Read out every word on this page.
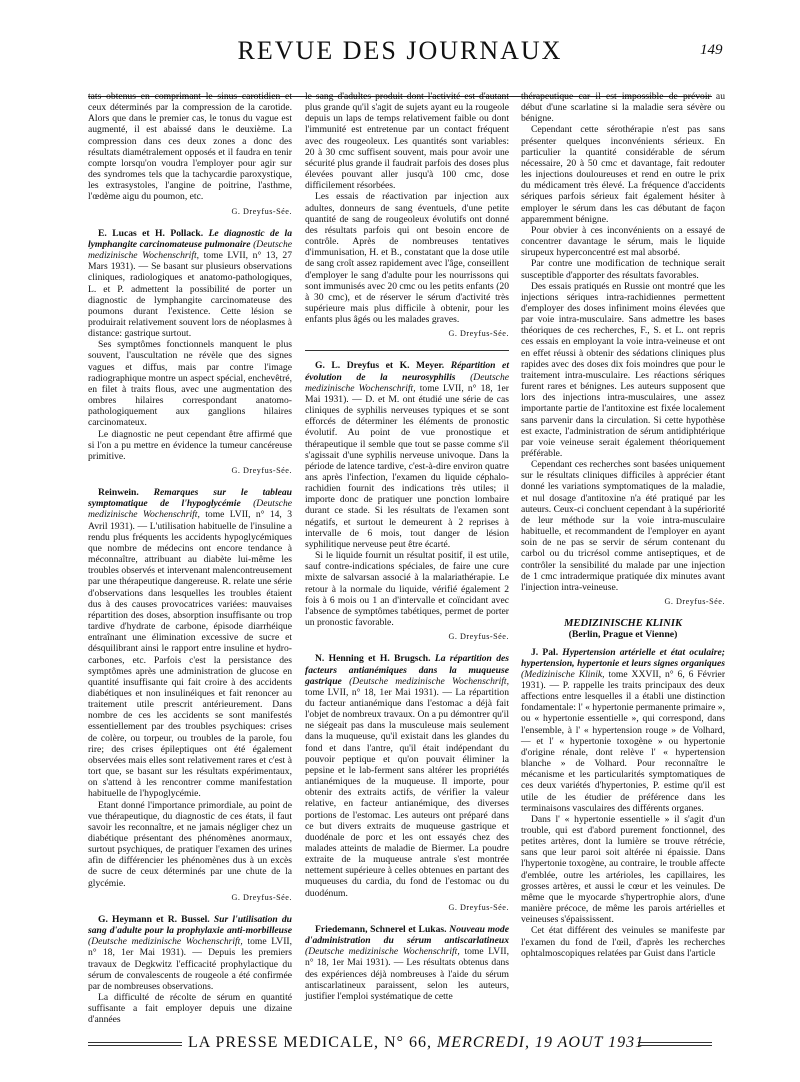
REVUE DES JOURNAUX	149

tats obtenus en comprimant le sinus carotidien et ceux déterminés par la compression de la carotide. Alors que dans le premier cas, le tonus du vague est augmenté, il est abaissé dans le deuxième. La compression dans ces deux zones a donc des résultats diamétralement opposés et il faudra en tenir compte lorsqu'on voudra l'employer pour agir sur des syndromes tels que la tachycardie paroxystique, les extrasystoles, l'angine de poitrine, l'asthme, l'œdème aigu du poumon, etc.

G. Dreyfus-Sée.

E. Lucas et H. Pollack. Le diagnostic de la lymphangite carcinomateuse pulmonaire (Deutsche medizinische Wochenschrift, tome LVII, n° 13, 27 Mars 1931). — Se basant sur plusieurs observations cliniques, radiologiques et anatomo-pathologiques, L. et P. admettent la possibilité de porter un diagnostic de lymphangite carcinomateuse des poumons durant l'existence. Cette lésion se produirait relativement souvent lors de néoplasmes à distance: gastrique surtout.

Ses symptômes fonctionnels manquent le plus souvent, l'auscultation ne révèle que des signes vagues et diffus, mais par contre l'image radiographique montre un aspect spécial, enchevêtré, en filet à traits flous, avec une augmentation des ombres hilaires correspondant anatomo-pathologiquement aux ganglions hilaires carcinomateux.

Le diagnostic ne peut cependant être affirmé que si l'on a pu mettre en évidence la tumeur cancéreuse primitive.

G. Dreyfus-Sée.

Reinwein. Remarques sur le tableau symptomatique de l'hypoglycémie (Deutsche medizinische Wochenschrift, tome LVII, n° 14, 3 Avril 1931). — L'utilisation habituelle de l'insuline a rendu plus fréquents les accidents hypoglycémiques que nombre de médecins ont encore tendance à méconnaître, attribuant au diabète lui-même les troubles observés et intervenant malencontreusement par une thérapeutique dangereuse. R. relate une série d'observations dans lesquelles les troubles étaient dus à des causes provocatrices variées: mauvaises répartition des doses, absorption insuffisante ou trop tardive d'hydrate de carbone, épisode diarrhéique entraînant une élimination excessive de sucre et désquilibrant ainsi le rapport entre insuline et hydro-carbones, etc. Parfois c'est la persistance des symptômes après une administration de glucose en quantité insuffisante qui fait croire à des accidents diabétiques et non insulinéiques et fait renoncer au traitement utile prescrit antérieurement. Dans nombre de ces les accidents se sont manifestés essentiellement par des troubles psychiques: crises de colère, ou torpeur, ou troubles de la parole, fou rire; des crises épileptiques ont été également observées mais elles sont relativement rares et c'est à tort que, se basant sur les résultats expérimentaux, on s'attend à les rencontrer comme manifestation habituelle de l'hypoglycémie.

Etant donné l'importance primordiale, au point de vue thérapeutique, du diagnostic de ces états, il faut savoir les reconnaître, et ne jamais négliger chez un diabétique présentant des phénomènes anormaux, surtout psychiques, de pratiquer l'examen des urines afin de différencier les phénomènes dus à un excès de sucre de ceux déterminés par une chute de la glycémie.

G. Dreyfus-Sée.

G. Heymann et R. Bussel. Sur l'utilisation du sang d'adulte pour la prophylaxie anti-morbilleuse (Deutsche medizinische Wochenschrift, tome LVII, n° 18, 1er Mai 1931). — Depuis les premiers travaux de Degkwitz l'efficacité prophylactique du sérum de convalescents de rougeole a été confirmée par de nombreuses observations.

La difficulté de récolte de sérum en quantité suffisante a fait employer depuis une dizaine d'années

le sang d'adultes produit dont l'activité est d'autant plus grande qu'il s'agit de sujets ayant eu la rougeole depuis un laps de temps relativement faible ou dont l'immunité est entretenue par un contact fréquent avec des rougeoleux. Les quantités sont variables: 20 à 30 cmc suffisent souvent, mais pour avoir une sécurité plus grande il faudrait parfois des doses plus élevées pouvant aller jusqu'à 100 cmc, dose difficilement résorbées.

Les essais de réactivation par injection aux adultes, donneurs de sang éventuels, d'une petite quantité de sang de rougeoleux évolutifs ont donné des résultats parfois qui ont besoin encore de contrôle. Après de nombreuses tentatives d'immunisation, H. et B., constatant que la dose utile de sang croît assez rapidement avec l'âge, conseillent d'employer le sang d'adulte pour les nourrissons qui sont immunisés avec 20 cmc ou les petits enfants (20 à 30 cmc), et de réserver le sérum d'activité très supérieure mais plus difficile à obtenir, pour les enfants plus âgés ou les malades graves.

G. Dreyfus-Sée.

G. L. Dreyfus et K. Meyer. Répartition et évolution de la neurosyphilis (Deutsche medizinische Wochenschrift, tome LVII, n° 18, 1er Mai 1931). — D. et M. ont étudié une série de cas cliniques de syphilis nerveuses typiques et se sont efforcés de déterminer les éléments de pronostic évolutif. Au point de vue pronostique et thérapeutique il semble que tout se passe comme s'il s'agissait d'une syphilis nerveuse univoque. Dans la période de latence tardive, c'est-à-dire environ quatre ans après l'infection, l'examen du liquide céphalo-rachidien fournit des indications très utiles; il importe donc de pratiquer une ponction lombaire durant ce stade. Si les résultats de l'examen sont négatifs, et surtout le demeurent à 2 reprises à intervalle de 6 mois, tout danger de lésion syphilitique nerveuse peut être écarté.

Si le liquide fournit un résultat positif, il est utile, sauf contre-indications spéciales, de faire une cure mixte de salvarsan associé à la malariathérapie. Le retour à la normale du liquide, vérifié également 2 fois à 6 mois ou 1 an d'intervalle et coïncidant avec l'absence de symptômes tabétiques, permet de porter un pronostic favorable.

G. Dreyfus-Sée.

N. Henning et H. Brugsch. La répartition des facteurs antianémiques dans la muqueuse gastrique (Deutsche medizinische Wochenschrift, tome LVII, n° 18, 1er Mai 1931). — La répartition du facteur antianémique dans l'estomac a déjà fait l'objet de nombreux travaux. On a pu démontrer qu'il ne siégeait pas dans la musculeuse mais seulement dans la muqueuse, qu'il existait dans les glandes du fond et dans l'antre, qu'il était indépendant du pouvoir peptique et qu'on pouvait éliminer la pepsine et le lab-ferment sans altérer les propriétés antianémiques de la muqueuse. Il importe, pour obtenir des extraits actifs, de vérifier la valeur relative, en facteur antianémique, des diverses portions de l'estomac. Les auteurs ont préparé dans ce but divers extraits de muqueuse gastrique et duodénale de porc et les ont essayés chez des malades atteints de maladie de Biermer. La poudre extraite de la muqueuse antrale s'est montrée nettement supérieure à celles obtenues en partant des muqueuses du cardia, du fond de l'estomac ou du duodénum.

G. Dreyfus-Sée.

Friedemann, Schnerel et Lukas. Nouveau mode d'administration du sérum antiscarlatineux (Deutsche medizinische Wochenschrift, tome LVII, n° 18, 1er Mai 1931). — Les résultats obtenus dans des expériences déjà nombreuses à l'aide du sérum antiscarlatineux paraissent, selon les auteurs, justifier l'emploi systématique de cette

thérapeutique car il est impossible de prévoir au début d'une scarlatine si la maladie sera sévère ou bénigne.

Cependant cette sérothérapie n'est pas sans présenter quelques inconvénients sérieux. En particulier la quantité considérable de sérum nécessaire, 20 à 50 cmc et davantage, fait redouter les injections douloureuses et rend en outre le prix du médicament très élevé. La fréquence d'accidents sériques parfois sérieux fait également hésiter à employer le sérum dans les cas débutant de façon apparemment bénigne.

Pour obvier à ces inconvénients on a essayé de concentrer davantage le sérum, mais le liquide sirupeux hyperconcentré est mal absorbé.

Par contre une modification de technique serait susceptible d'apporter des résultats favorables.

Des essais pratiqués en Russie ont montré que les injections sériques intra-rachidiennes permettent d'employer des doses infiniment moins élevées que par voie intra-musculaire. Sans admettre les bases théoriques de ces recherches, F., S. et L. ont repris ces essais en employant la voie intra-veineuse et ont en effet réussi à obtenir des sédations cliniques plus rapides avec des doses dix fois moindres que pour le traitement intra-musculaire. Les réactions sériques furent rares et bénignes. Les auteurs supposent que lors des injections intra-musculaires, une assez importante partie de l'antitoxine est fixée localement sans parvenir dans la circulation. Si cette hypothèse est exacte, l'administration de sérum antidiphtérique par voie veineuse serait également théoriquement préférable.

Cependant ces recherches sont basées uniquement sur le résultats cliniques difficiles à apprécier étant donné les variations symptomatiques de la maladie, et nul dosage d'antitoxine n'a été pratiqué par les auteurs. Ceux-ci concluent cependant à la supériorité de leur méthode sur la voie intra-musculaire habituelle, et recommandent de l'employer en ayant soin de ne pas se servir de sérum contenant du carbol ou du tricrésol comme antiseptiques, et de contrôler la sensibilité du malade par une injection de 1 cmc intradermique pratiquée dix minutes avant l'injection intra-veineuse.

G. Dreyfus-Sée.
MEDIZINISCHE KLINIK
(Berlin, Prague et Vienne)

J. Pal. Hypertension artérielle et état oculaire; hypertension, hypertonie et leurs signes organiques (Medizinische Klinik, tome XXVII, n° 6, 6 Février 1931). — P. rappelle les traits principaux des deux affections entre lesquelles il a établi une distinction fondamentale: l' « hypertonie permanente primaire », ou « hypertonie essentielle », qui correspond, dans l'ensemble, à l' « hypertension rouge » de Volhard, — et l' « hypertonie toxogène » ou hypertonie d'origine rénale, dont relève l' « hypertension blanche » de Volhard. Pour reconnaître le mécanisme et les particularités symptomatiques de ces deux variétés d'hypertonies, P. estime qu'il est utile de les étudier de préférence dans les terminaisons vasculaires des différents organes.

Dans l' « hypertonie essentielle » il s'agit d'un trouble, qui est d'abord purement fonctionnel, des petites artères, dont la lumière se trouve rétrécie, sans que leur paroi soit altérée ni épaissie. Dans l'hypertonie toxogène, au contraire, le trouble affecte d'emblée, outre les artérioles, les capillaires, les grosses artères, et aussi le cœur et les veinules. De même que le myocarde s'hypertrophie alors, d'une manière précoce, de même les parois artérielles et veineuses s'épaississent.

Cet état différent des veinules se manifeste par l'examen du fond de l'œil, d'après les recherches ophtalmoscopiques relatées par Guist dans l'article

LA PRESSE MEDICALE, N° 66, MERCREDI, 19 AOUT 1931
